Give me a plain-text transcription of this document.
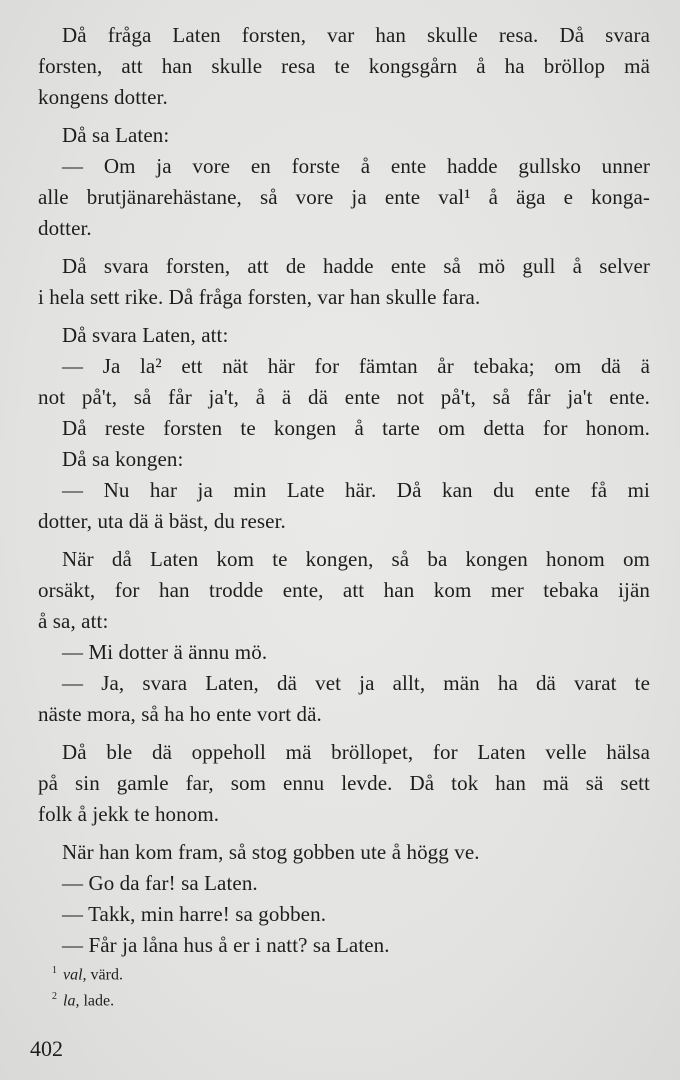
Då fråga Laten forsten, var han skulle resa. Då svara
forsten, att han skulle resa te kongsgårn å ha bröllop mä
kongens dotter.
Då sa Laten:
— Om ja vore en forste å ente hadde gullsko unner
alle brutjänarehästane, så vore ja ente val¹ å äga e konga-
dotter.
Då svara forsten, att de hadde ente så mö gull å selver
i hela sett rike. Då fråga forsten, var han skulle fara.
Då svara Laten, att:
— Ja la² ett nät här for fämtan år tebaka; om dä ä
not på't, så får ja't, å ä dä ente not på't, så får ja't ente.
Då reste forsten te kongen å tarte om detta for honom.
Då sa kongen:
— Nu har ja min Late här. Då kan du ente få mi
dotter, uta dä ä bäst, du reser.
När då Laten kom te kongen, så ba kongen honom om
orsäkt, for han trodde ente, att han kom mer tebaka ijän
å sa, att:
— Mi dotter ä ännu mö.
— Ja, svara Laten, dä vet ja allt, män ha dä varat te
näste mora, så ha ho ente vort dä.
Då ble dä oppeholl mä bröllopet, for Laten velle hälsa
på sin gamle far, som ennu levde. Då tok han mä sä sett
folk å jekk te honom.
När han kom fram, så stog gobben ute å högg ve.
— Go da far! sa Laten.
— Takk, min harre! sa gobben.
— Får ja låna hus å er i natt? sa Laten.
$^1$ val, värd.
$^2$ la, lade.
402
